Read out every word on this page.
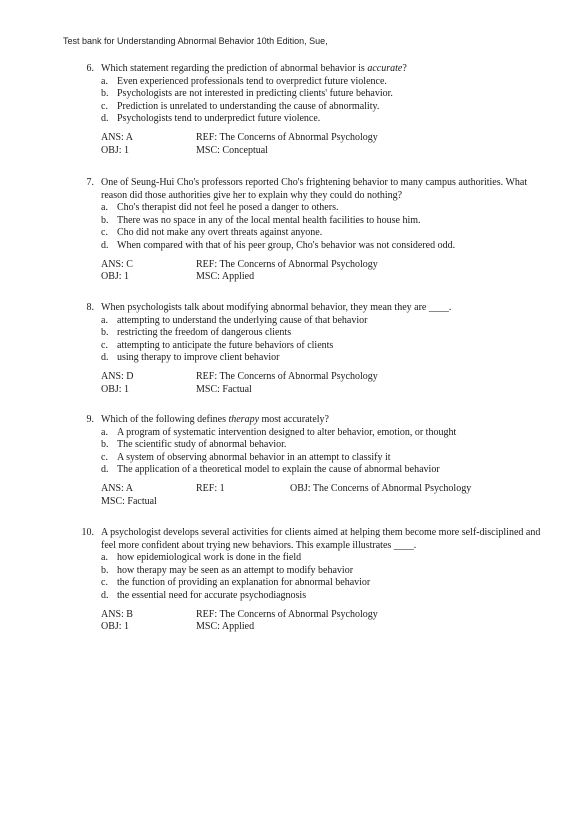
Test bank for Understanding Abnormal Behavior 10th Edition, Sue,
6. Which statement regarding the prediction of abnormal behavior is accurate?
a. Even experienced professionals tend to overpredict future violence.
b. Psychologists are not interested in predicting clients' future behavior.
c. Prediction is unrelated to understanding the cause of abnormality.
d. Psychologists tend to underpredict future violence.
ANS: A	REF: The Concerns of Abnormal Psychology
OBJ: 1	MSC: Conceptual
7. One of Seung-Hui Cho's professors reported Cho's frightening behavior to many campus authorities. What reason did those authorities give her to explain why they could do nothing?
a. Cho's therapist did not feel he posed a danger to others.
b. There was no space in any of the local mental health facilities to house him.
c. Cho did not make any overt threats against anyone.
d. When compared with that of his peer group, Cho's behavior was not considered odd.
ANS: C	REF: The Concerns of Abnormal Psychology
OBJ: 1	MSC: Applied
8. When psychologists talk about modifying abnormal behavior, they mean they are ____.
a. attempting to understand the underlying cause of that behavior
b. restricting the freedom of dangerous clients
c. attempting to anticipate the future behaviors of clients
d. using therapy to improve client behavior
ANS: D	REF: The Concerns of Abnormal Psychology
OBJ: 1	MSC: Factual
9. Which of the following defines therapy most accurately?
a. A program of systematic intervention designed to alter behavior, emotion, or thought
b. The scientific study of abnormal behavior.
c. A system of observing abnormal behavior in an attempt to classify it
d. The application of a theoretical model to explain the cause of abnormal behavior
ANS: A	REF: 1	OBJ: The Concerns of Abnormal Psychology
MSC: Factual
10. A psychologist develops several activities for clients aimed at helping them become more self-disciplined and feel more confident about trying new behaviors. This example illustrates ____.
a. how epidemiological work is done in the field
b. how therapy may be seen as an attempt to modify behavior
c. the function of providing an explanation for abnormal behavior
d. the essential need for accurate psychodiagnosis
ANS: B	REF: The Concerns of Abnormal Psychology
OBJ: 1	MSC: Applied
